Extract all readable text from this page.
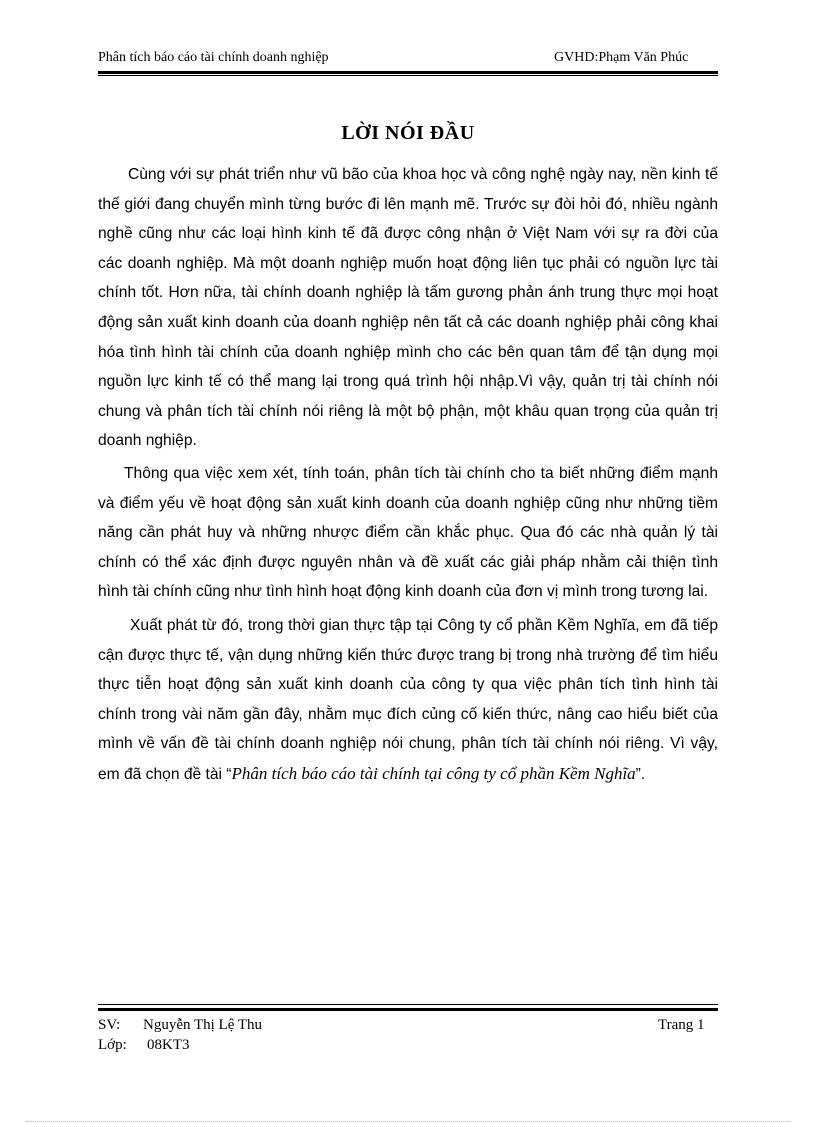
Phân tích báo cáo tài chính doanh nghiệp	GVHD:Phạm Văn Phúc
LỜI NÓI ĐẦU

Cùng với sự phát triển như vũ bão của khoa học và công nghệ ngày nay, nền kinh tế thế giới đang chuyển mình từng bước đi lên mạnh mẽ. Trước sự đòi hỏi đó, nhiều ngành nghề cũng như các loại hình kinh tế đã được công nhận ở Việt Nam với sự ra đời của các doanh nghiệp. Mà một doanh nghiệp muốn hoạt động liên tục phải có nguồn lực tài chính tốt. Hơn nữa, tài chính doanh nghiệp là tấm gương phản ánh trung thực mọi hoạt động sản xuất kinh doanh của doanh nghiệp nên tất cả các doanh nghiệp phải công khai hóa tình hình tài chính của doanh nghiệp mình cho các bên quan tâm để tận dụng mọi nguồn lực kinh tế có thể mang lại trong quá trình hội nhập.Vì vậy, quản trị tài chính nói chung và phân tích tài chính nói riêng là một bộ phận, một khâu quan trọng của quản trị doanh nghiệp.

Thông qua việc xem xét, tính toán, phân tích tài chính cho ta biết những điểm mạnh và điểm yếu về hoạt động sản xuất kinh doanh của doanh nghiệp cũng như những tiềm năng cần phát huy và những nhược điểm cần khắc phục. Qua đó các nhà quản lý tài chính có thể xác định được nguyên nhân và đề xuất các giải pháp nhằm cải thiện tình hình tài chính cũng như tình hình hoạt động kinh doanh của đơn vị mình trong tương lai.

Xuất phát từ đó, trong thời gian thực tập tại Công ty cổ phần Kềm Nghĩa, em đã tiếp cận được thực tế, vận dụng những kiến thức được trang bị trong nhà trường để tìm hiểu thực tiễn hoạt động sản xuất kinh doanh của công ty qua việc phân tích tình hình tài chính trong vài năm gần đây, nhằm mục đích củng cố kiến thức, nâng cao hiểu biết của mình về vấn đề tài chính doanh nghiệp nói chung, phân tích tài chính nói riêng. Vì vậy, em đã chọn đề tài “Phân tích báo cáo tài chính tại công ty cổ phần Kềm Nghĩa”.

SV: Nguyễn Thị Lệ Thu	Trang 1
Lớp: 08KT3
